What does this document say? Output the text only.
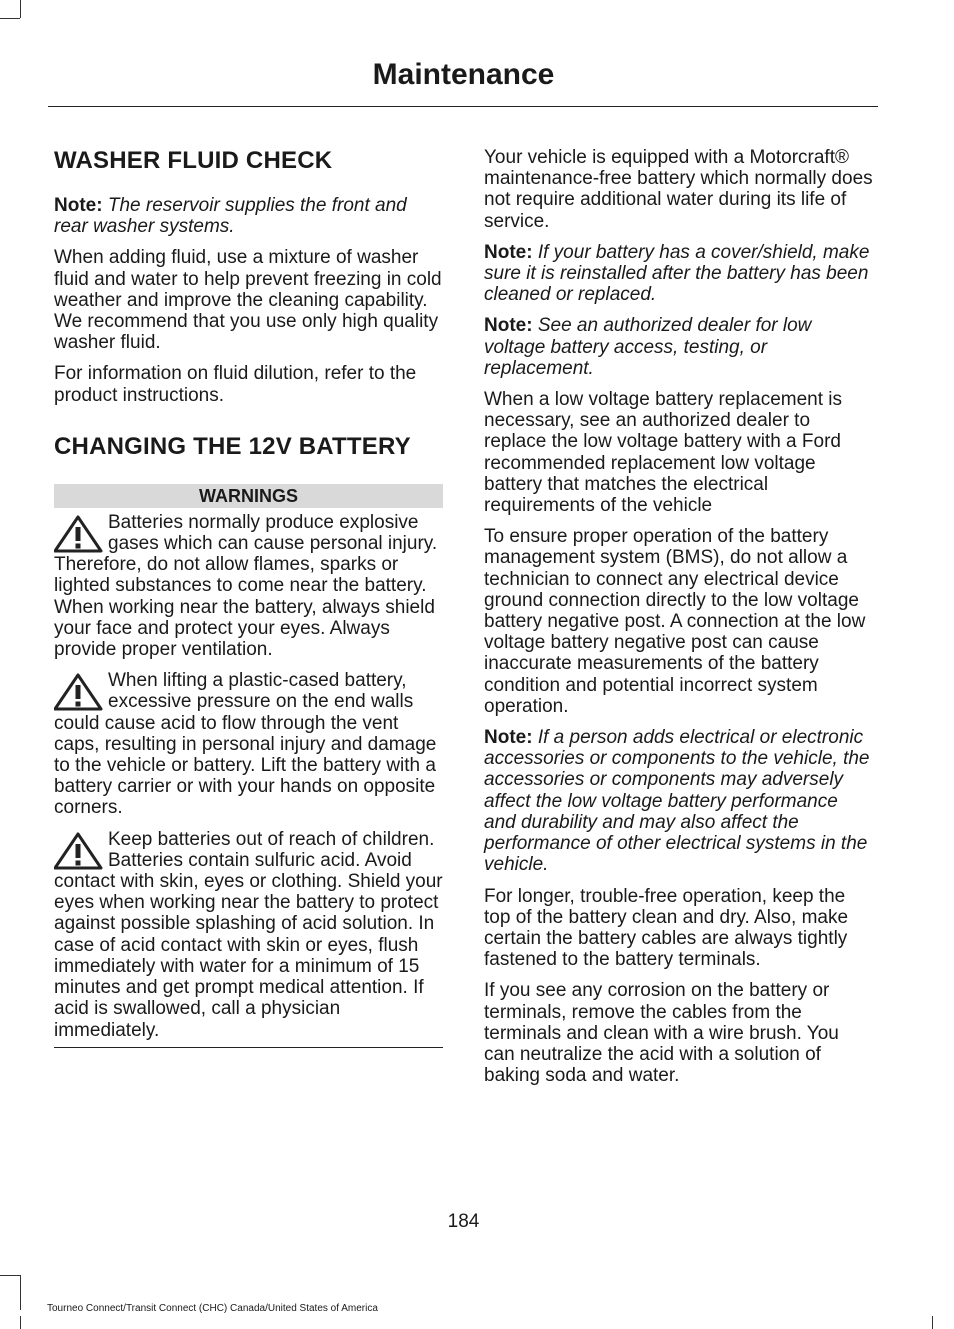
Maintenance
WASHER FLUID CHECK

Note: The reservoir supplies the front and rear washer systems.

When adding fluid, use a mixture of washer fluid and water to help prevent freezing in cold weather and improve the cleaning capability. We recommend that you use only high quality washer fluid.

For information on fluid dilution, refer to the product instructions.

CHANGING THE 12V BATTERY
WARNINGS
Batteries normally produce explosive gases which can cause personal injury. Therefore, do not allow flames, sparks or lighted substances to come near the battery. When working near the battery, always shield your face and protect your eyes. Always provide proper ventilation.
When lifting a plastic-cased battery, excessive pressure on the end walls could cause acid to flow through the vent caps, resulting in personal injury and damage to the vehicle or battery. Lift the battery with a battery carrier or with your hands on opposite corners.
Keep batteries out of reach of children. Batteries contain sulfuric acid. Avoid contact with skin, eyes or clothing. Shield your eyes when working near the battery to protect against possible splashing of acid solution. In case of acid contact with skin or eyes, flush immediately with water for a minimum of 15 minutes and get prompt medical attention. If acid is swallowed, call a physician immediately.

Your vehicle is equipped with a Motorcraft® maintenance-free battery which normally does not require additional water during its life of service.

Note: If your battery has a cover/shield, make sure it is reinstalled after the battery has been cleaned or replaced.

Note: See an authorized dealer for low voltage battery access, testing, or replacement.

When a low voltage battery replacement is necessary, see an authorized dealer to replace the low voltage battery with a Ford recommended replacement low voltage battery that matches the electrical requirements of the vehicle

To ensure proper operation of the battery management system (BMS), do not allow a technician to connect any electrical device ground connection directly to the low voltage battery negative post. A connection at the low voltage battery negative post can cause inaccurate measurements of the battery condition and potential incorrect system operation.

Note: If a person adds electrical or electronic accessories or components to the vehicle, the accessories or components may adversely affect the low voltage battery performance and durability and may also affect the performance of other electrical systems in the vehicle.

For longer, trouble-free operation, keep the top of the battery clean and dry. Also, make certain the battery cables are always tightly fastened to the battery terminals.

If you see any corrosion on the battery or terminals, remove the cables from the terminals and clean with a wire brush. You can neutralize the acid with a solution of baking soda and water.

184
Tourneo Connect/Transit Connect (CHC) Canada/United States of America
